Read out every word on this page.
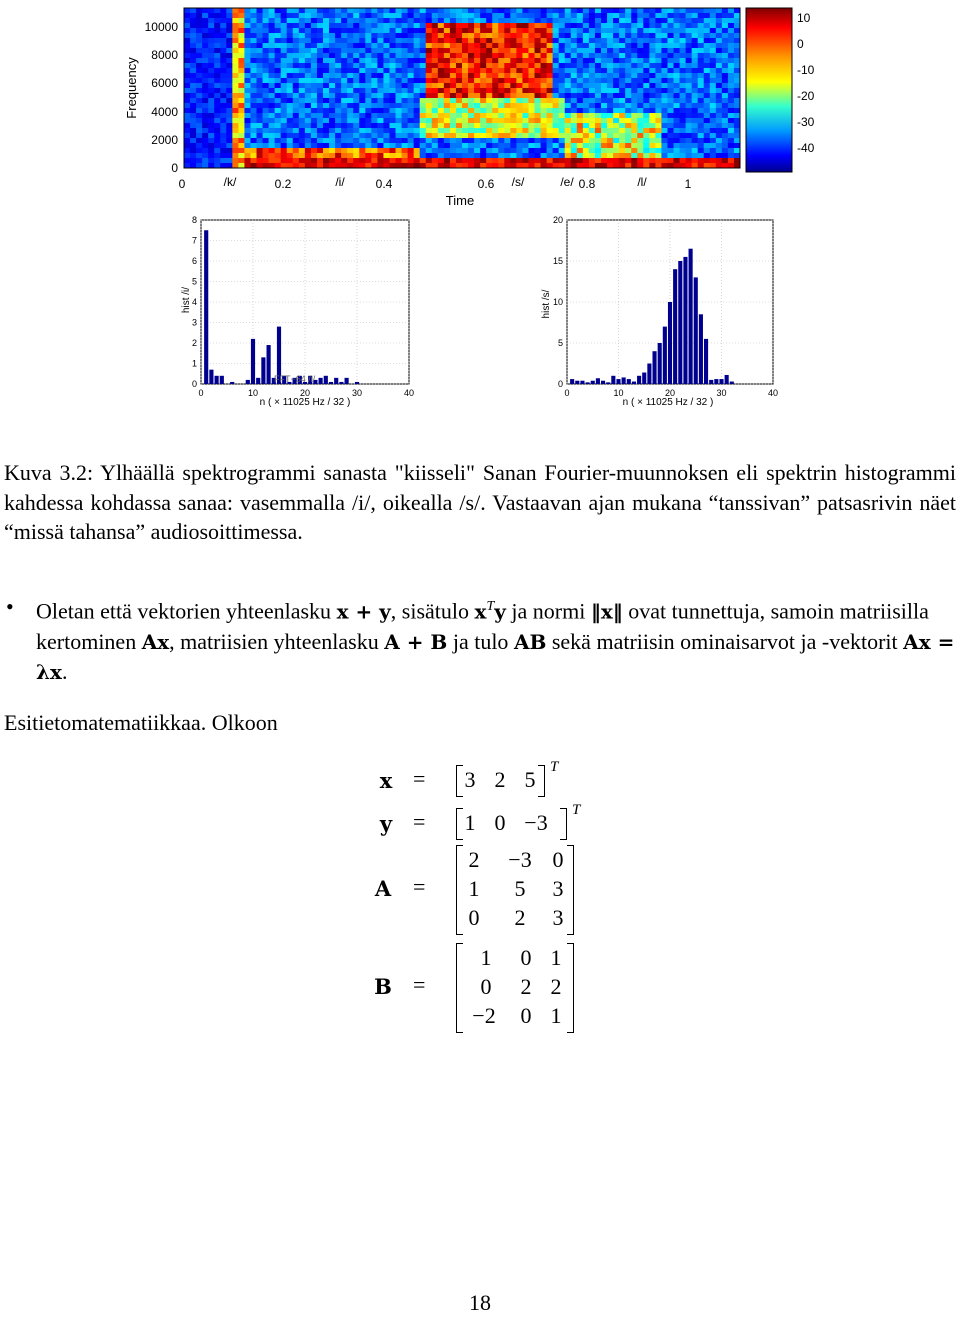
Frequency
10000
8000
6000
4000
2000
0
0	0.2	0.4	0.6	0.8	1
/k/	/i/	/s/	/e/	/l/
Time
10
0
-10
-20
-30
-40
8
7
6
5
4
3
2
1
0
0	10	20	30	40
hist /i/
n ( × 11025 Hz / 32 )
FFT−64 /i/
20
15
10
5
0
0	10	20	30	40
hist /s/
n ( × 11025 Hz / 32 )
Kuva 3.2: Ylhäällä spektrogrammi sanasta "kiisseli" Sanan Fourier-muunnoksen eli spektrin histogrammi kahdessa kohdassa sanaa: vasemmalla /i/, oikealla /s/. Vastaavan ajan mukana “tanssivan” patsasrivin näet “missä tahansa” audiosoittimessa.
• Oletan että vektorien yhteenlasku x + y, sisätulo $x^Ty$ ja normi ‖x‖ ovat tunnettuja, samoin matriisilla kertominen Ax, matriisien yhteenlasku A + B ja tulo AB sekä matriisin ominaisarvot ja -vektorit Ax = λx.
Esitietomatematiikkaa. Olkoon
x =	3 2 5 T
y =	1 0 −3 T
A =
2	−3 0
1	5	3
0	2	3
B =
1	0 1
0	2 2
−2	0 1
18
